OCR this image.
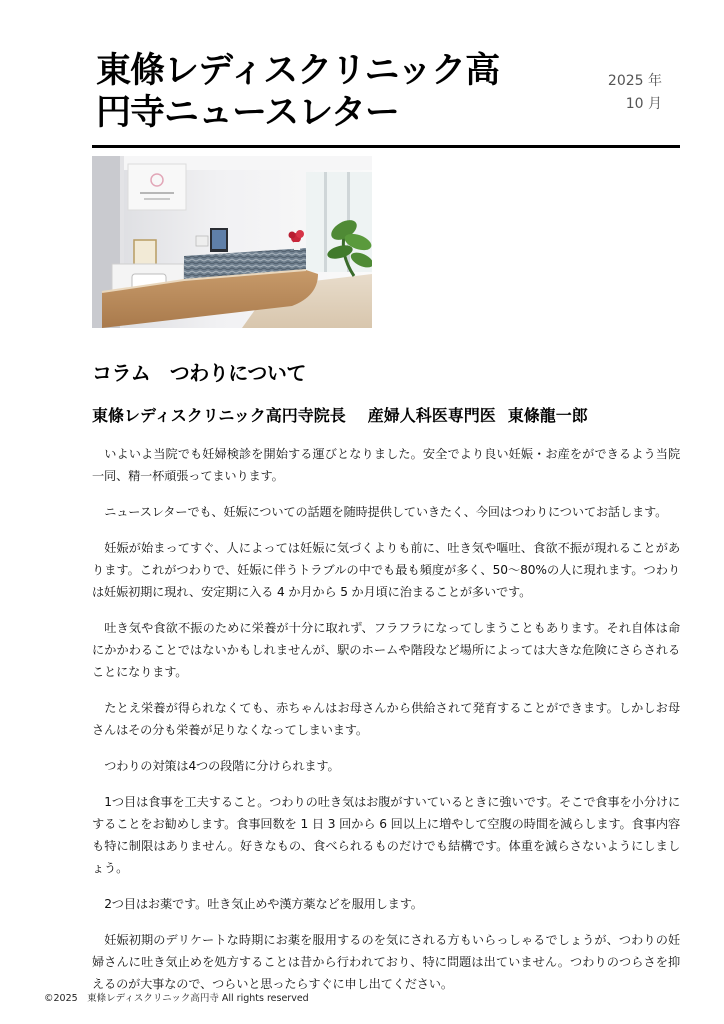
東條レディスクリニック高
円寺ニュースレター
2025 年
10 月
コラム　つわりについて
東條レディスクリニック高円寺院長 産婦人科医専門医 東條龍一郎

いよいよ当院でも妊婦検診を開始する運びとなりました。安全でより良い妊娠・お産をができるよう当院一同、精一杯頑張ってまいります。

ニュースレターでも、妊娠についての話題を随時提供していきたく、今回はつわりについてお話します。

妊娠が始まってすぐ、人によっては妊娠に気づくよりも前に、吐き気や嘔吐、食欲不振が現れることがあります。これがつわりで、妊娠に伴うトラブルの中でも最も頻度が多く、50～80%の人に現れます。つわりは妊娠初期に現れ、安定期に入る 4 か月から 5 か月頃に治まることが多いです。

吐き気や食欲不振のために栄養が十分に取れず、フラフラになってしまうこともあります。それ自体は命にかかわることではないかもしれませんが、駅のホームや階段など場所によっては大きな危険にさらされることになります。

たとえ栄養が得られなくても、赤ちゃんはお母さんから供給されて発育することができます。しかしお母さんはその分も栄養が足りなくなってしまいます。

つわりの対策は4つの段階に分けられます。

1つ目は食事を工夫すること。つわりの吐き気はお腹がすいているときに強いです。そこで食事を小分けにすることをお勧めします。食事回数を 1 日 3 回から 6 回以上に増やして空腹の時間を減らします。食事内容も特に制限はありません。好きなもの、食べられるものだけでも結構です。体重を減らさないようにしましょう。

2つ目はお薬です。吐き気止めや漢方薬などを服用します。

妊娠初期のデリケートな時期にお薬を服用するのを気にされる方もいらっしゃるでしょうが、つわりの妊婦さんに吐き気止めを処方することは昔から行われており、特に問題は出ていません。つわりのつらさを抑えるのが大事なので、つらいと思ったらすぐに申し出てください。

©2025　東條レディスクリニック高円寺 All rights reserved
